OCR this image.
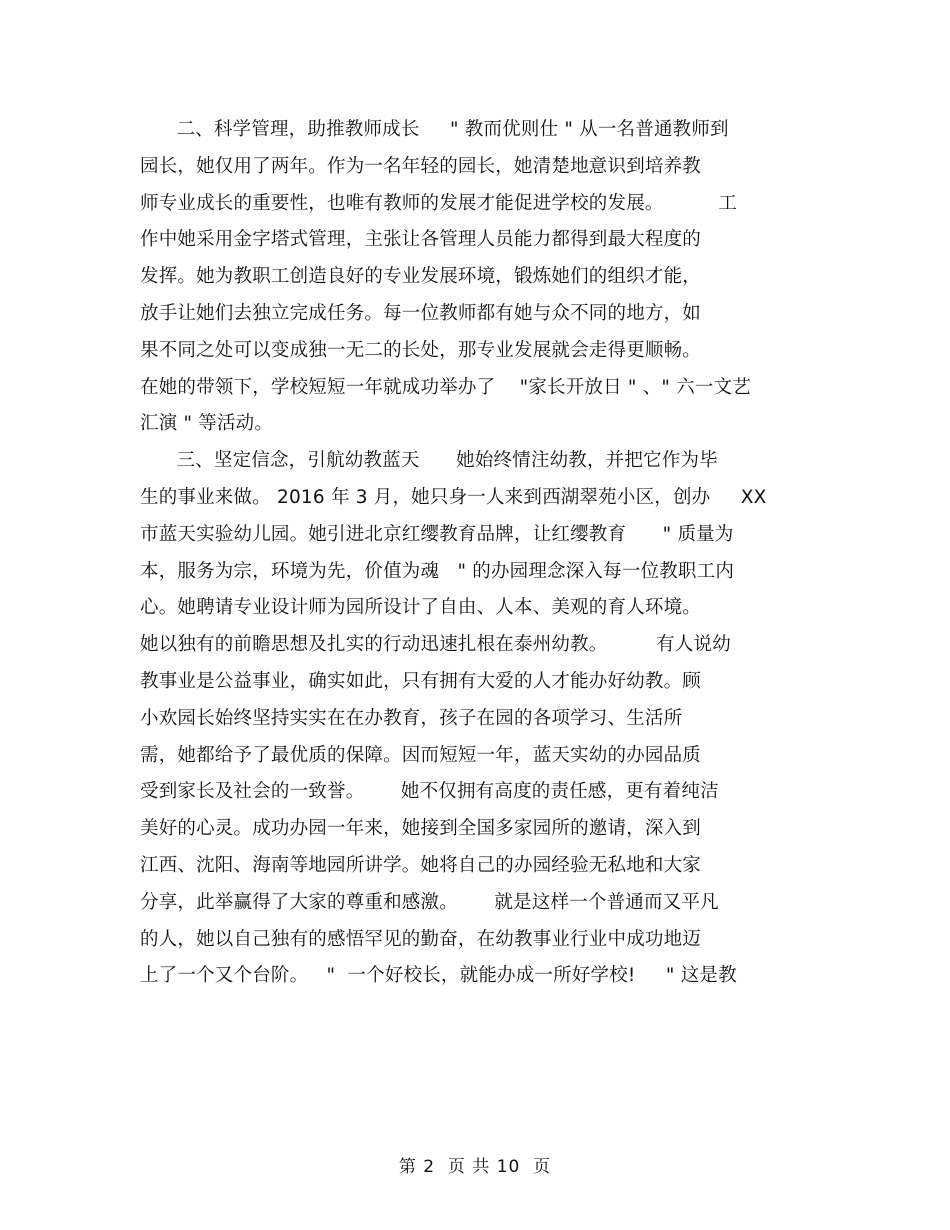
二、科学管理，助推教师成长     " 教而优则仕 " 从一名普通教师到
园长，她仅用了两年。作为一名年轻的园长，她清楚地意识到培养教
师专业成长的重要性，也唯有教师的发展才能促进学校的发展。         工
作中她采用金字塔式管理，主张让各管理人员能力都得到最大程度的
发挥。她为教职工创造良好的专业发展环境，锻炼她们的组织才能，
放手让她们去独立完成任务。每一位教师都有她与众不同的地方，如
果不同之处可以变成独一无二的长处，那专业发展就会走得更顺畅。
在她的带领下，学校短短一年就成功举办了    "家长开放日 " 、" 六一文艺
汇演 " 等活动。
三、坚定信念，引航幼教蓝天      她始终情注幼教，并把它作为毕
生的事业来做。 2016 年 3 月，她只身一人来到西湖翠苑小区，创办     XX
市蓝天实验幼儿园。她引进北京红缨教育品牌，让红缨教育      " 质量为
本，服务为宗，环境为先，价值为魂   " 的办园理念深入每一位教职工内
心。她聘请专业设计师为园所设计了自由、人本、美观的育人环境。
她以独有的前瞻思想及扎实的行动迅速扎根在泰州幼教。        有人说幼
教事业是公益事业，确实如此，只有拥有大爱的人才能办好幼教。顾
小欢园长始终坚持实实在在办教育，孩子在园的各项学习、生活所
需，她都给予了最优质的保障。因而短短一年，蓝天实幼的办园品质
受到家长及社会的一致誉。      她不仅拥有高度的责任感，更有着纯洁
美好的心灵。成功办园一年来，她接到全国多家园所的邀请，深入到
江西、沈阳、海南等地园所讲学。她将自己的办园经验无私地和大家
分享，此举赢得了大家的尊重和感激。      就是这样一个普通而又平凡
的人，她以自己独有的感悟罕见的勤奋，在幼教事业行业中成功地迈
上了一个又个台阶。   "  一个好校长，就能办成一所好学校!     " 这是教
第 2  页 共 10  页
